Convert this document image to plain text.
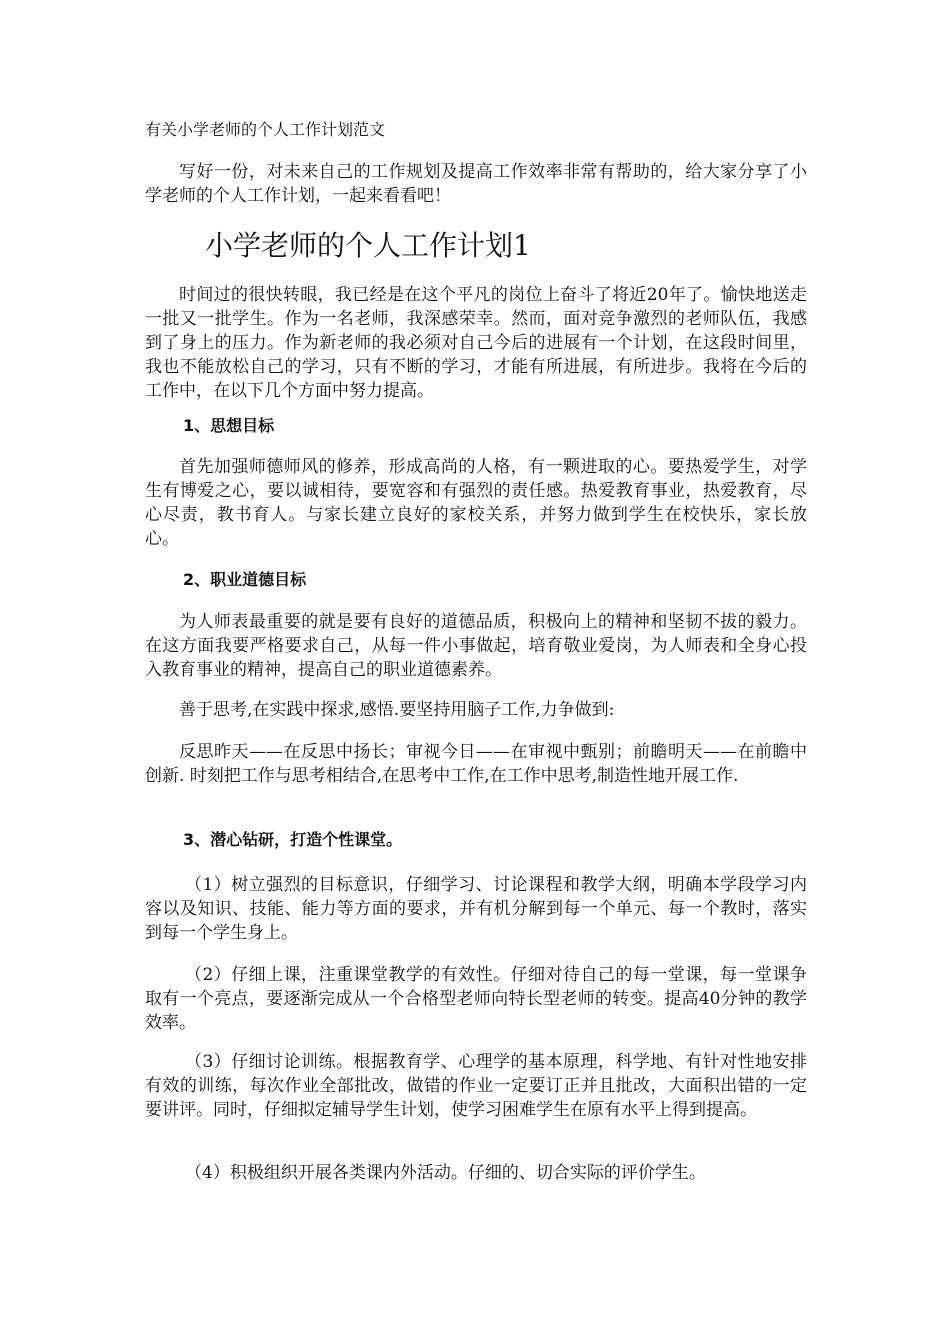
有关小学老师的个人工作计划范文
写好一份，对未来自己的工作规划及提高工作效率非常有帮助的，给大家分享了小学老师的个人工作计划，一起来看看吧！
小学老师的个人工作计划1
时间过的很快转眼，我已经是在这个平凡的岗位上奋斗了将近20年了。愉快地送走一批又一批学生。作为一名老师，我深感荣幸。然而，面对竞争激烈的老师队伍，我感到了身上的压力。作为新老师的我必须对自己今后的进展有一个计划，在这段时间里，我也不能放松自己的学习，只有不断的学习，才能有所进展，有所进步。我将在今后的工作中，在以下几个方面中努力提高。
1、思想目标
首先加强师德师风的修养，形成高尚的人格，有一颗进取的心。要热爱学生，对学生有博爱之心，要以诚相待，要宽容和有强烈的责任感。热爱教育事业，热爱教育，尽心尽责，教书育人。与家长建立良好的家校关系，并努力做到学生在校快乐，家长放心。
2、职业道德目标
为人师表最重要的就是要有良好的道德品质，积极向上的精神和坚韧不拔的毅力。在这方面我要严格要求自己，从每一件小事做起，培育敬业爱岗，为人师表和全身心投入教育事业的精神，提高自己的职业道德素养。
善于思考,在实践中探求,感悟.要坚持用脑子工作,力争做到:
反思昨天——在反思中扬长；审视今日——在审视中甄别；前瞻明天——在前瞻中创新. 时刻把工作与思考相结合,在思考中工作,在工作中思考,制造性地开展工作.
3、潜心钻研，打造个性课堂。
（1）树立强烈的目标意识，仔细学习、讨论课程和教学大纲，明确本学段学习内容以及知识、技能、能力等方面的要求，并有机分解到每一个单元、每一个教时，落实到每一个学生身上。
（2）仔细上课，注重课堂教学的有效性。仔细对待自己的每一堂课，每一堂课争取有一个亮点，要逐渐完成从一个合格型老师向特长型老师的转变。提高40分钟的教学效率。
（3）仔细讨论训练。根据教育学、心理学的基本原理，科学地、有针对性地安排有效的训练，每次作业全部批改，做错的作业一定要订正并且批改，大面积出错的一定要讲评。同时，仔细拟定辅导学生计划，使学习困难学生在原有水平上得到提高。
（4）积极组织开展各类课内外活动。仔细的、切合实际的评价学生。
